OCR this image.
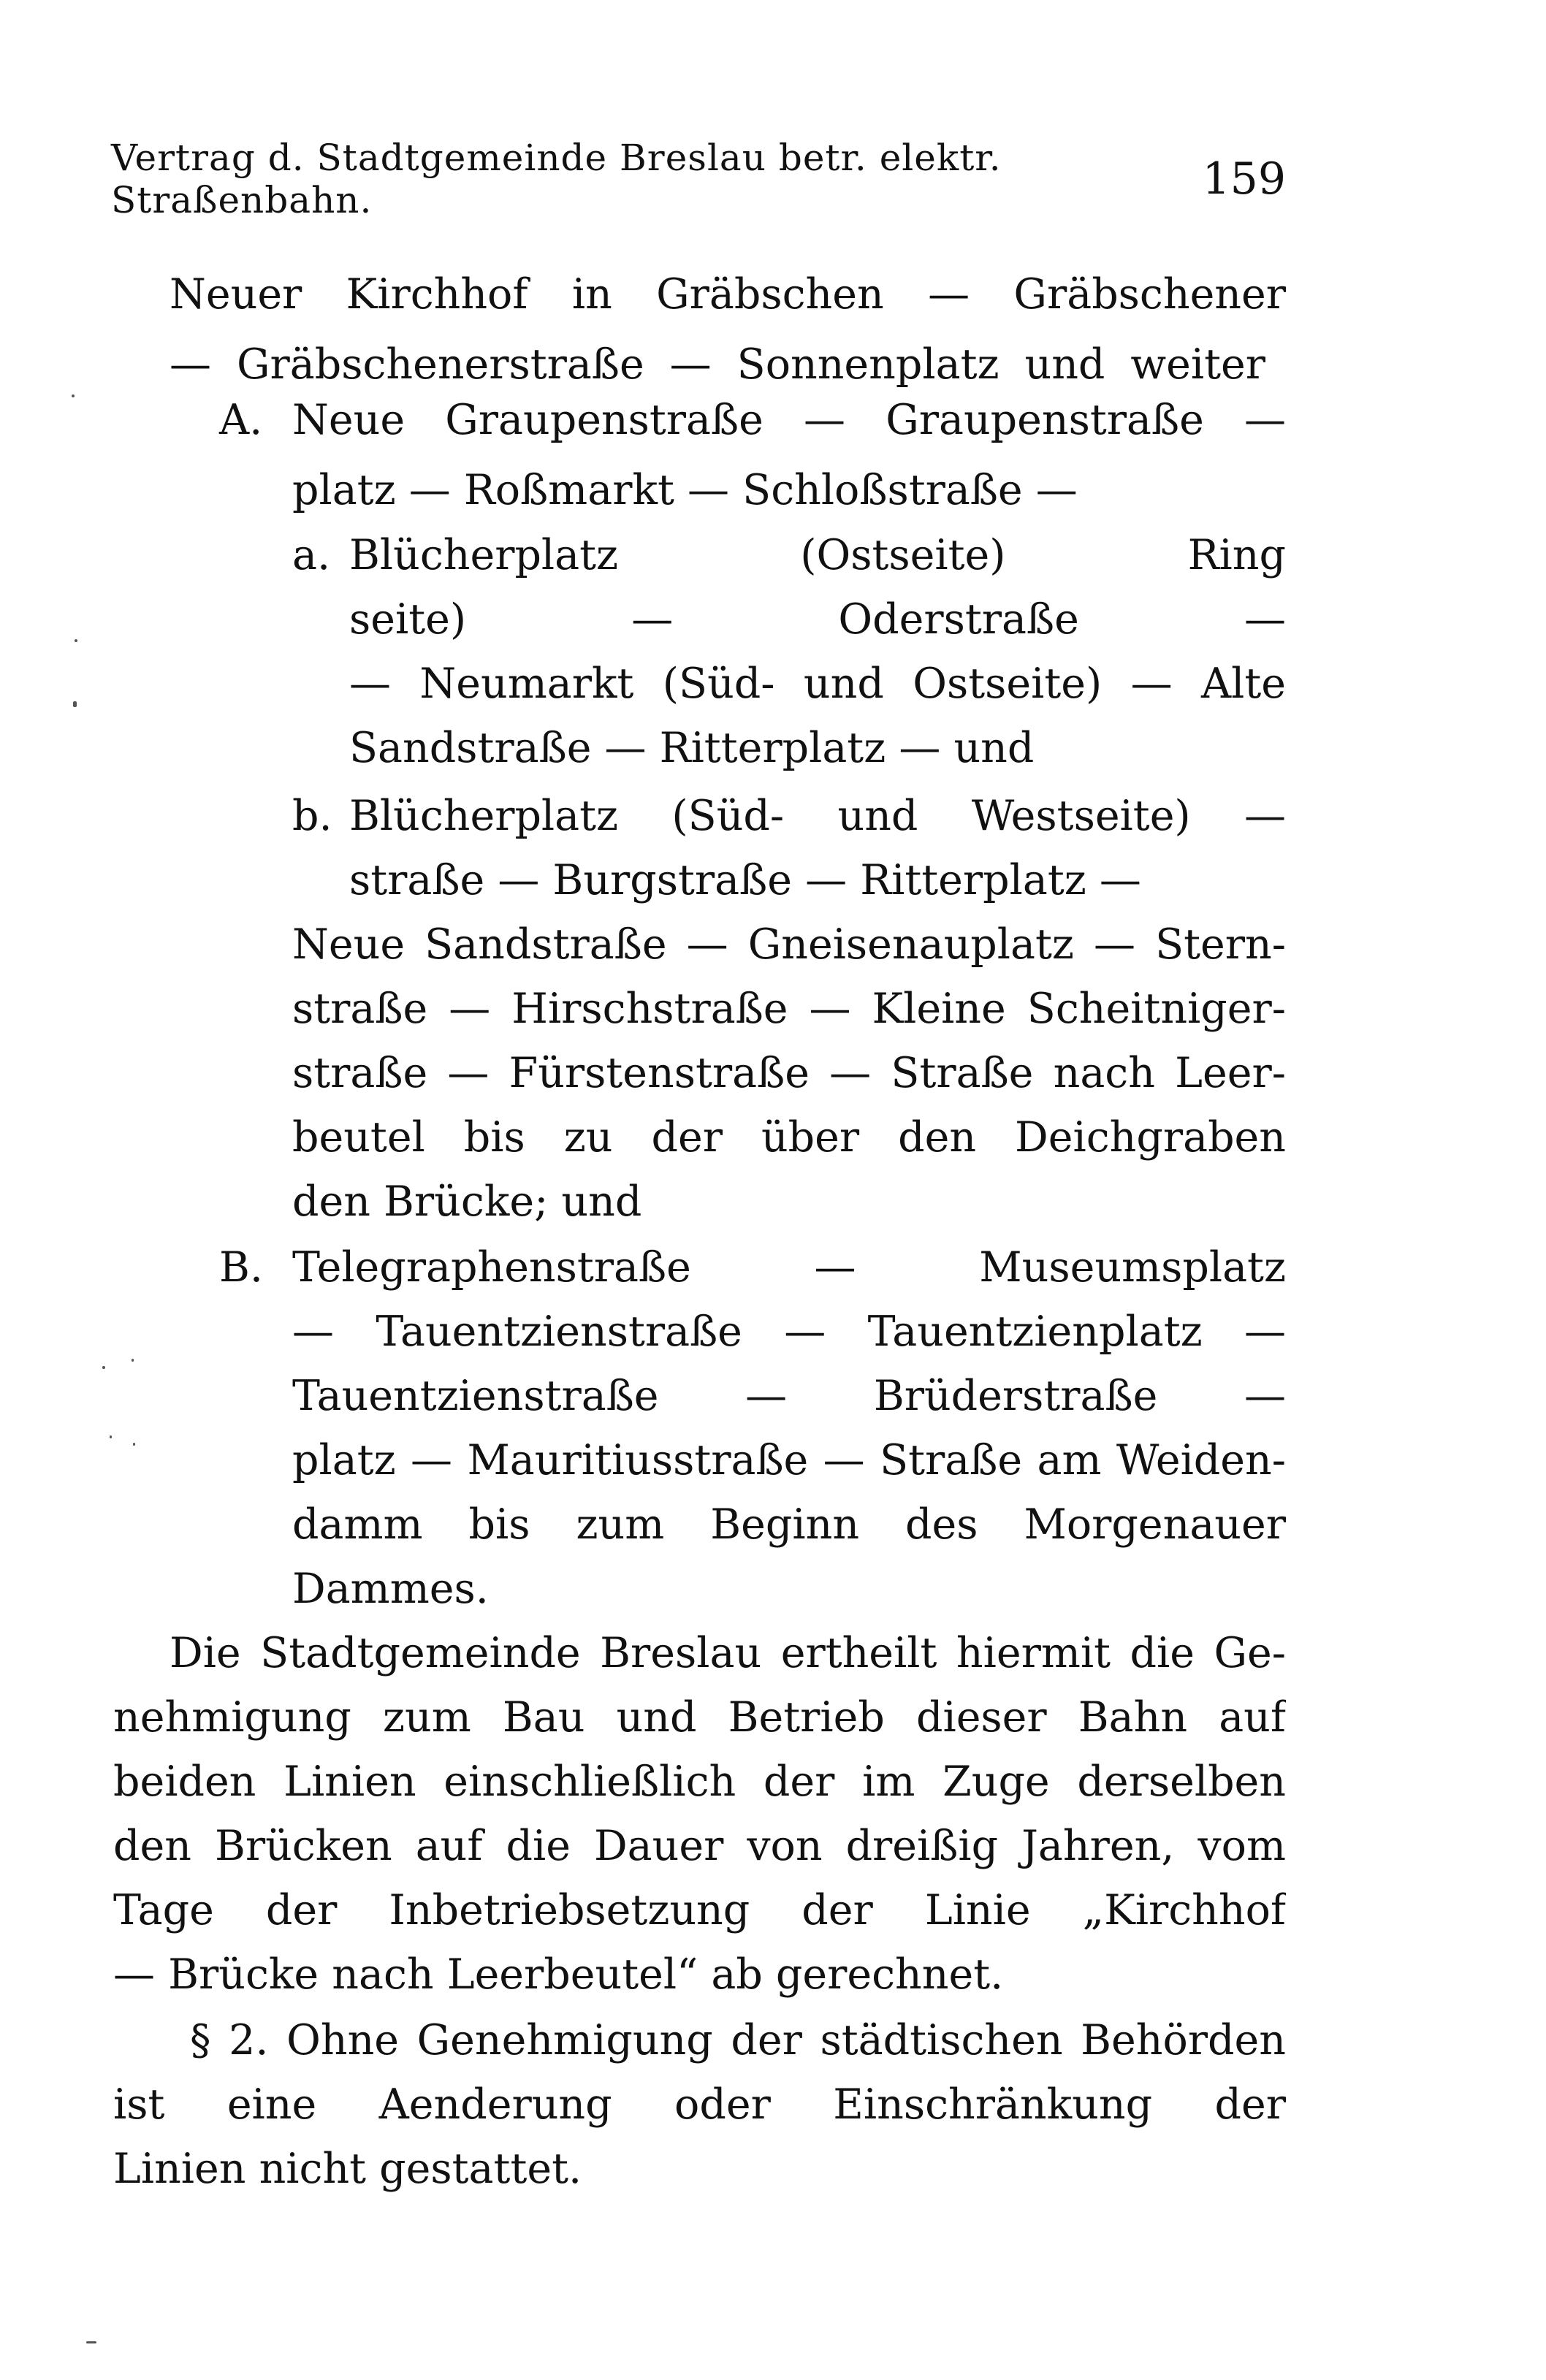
Vertrag d. Stadtgemeinde Breslau betr. elektr. Straßenbahn.	159
Neuer Kirchhof in Gräbschen — Gräbschener
— Gräbschenerstraße — Sonnenplatz und weiter
A. Neue Graupenstraße — Graupenstraße —
platz — Roßmarkt — Schloßstraße —
a. Blücherplatz (Ostseite) Ring
seite) — Oderstraße —
— Neumarkt (Süd- und Ostseite) — Alte
Sandstraße — Ritterplatz — und
b. Blücherplatz (Süd- und Westseite) —
straße — Burgstraße — Ritterplatz —
Neue Sandstraße — Gneisenauplatz — Stern-
straße — Hirschstraße — Kleine Scheitniger-
straße — Fürstenstraße — Straße nach Leer-
beutel bis zu der über den Deichgraben
den Brücke; und
B. Telegraphenstraße — Museumsplatz
— Tauentzienstraße — Tauentzienplatz —
Tauentzienstraße — Brüderstraße —
platz — Mauritiusstraße — Straße am Weiden-
damm bis zum Beginn des Morgenauer
Dammes.
Die Stadtgemeinde Breslau ertheilt hiermit die Ge-
nehmigung zum Bau und Betrieb dieser Bahn auf
beiden Linien einschließlich der im Zuge derselben
den Brücken auf die Dauer von dreißig Jahren, vom
Tage der Inbetriebsetzung der Linie „Kirchhof
— Brücke nach Leerbeutel“ ab gerechnet.
§ 2. Ohne Genehmigung der städtischen Behörden
ist eine Aenderung oder Einschränkung der
Linien nicht gestattet.
